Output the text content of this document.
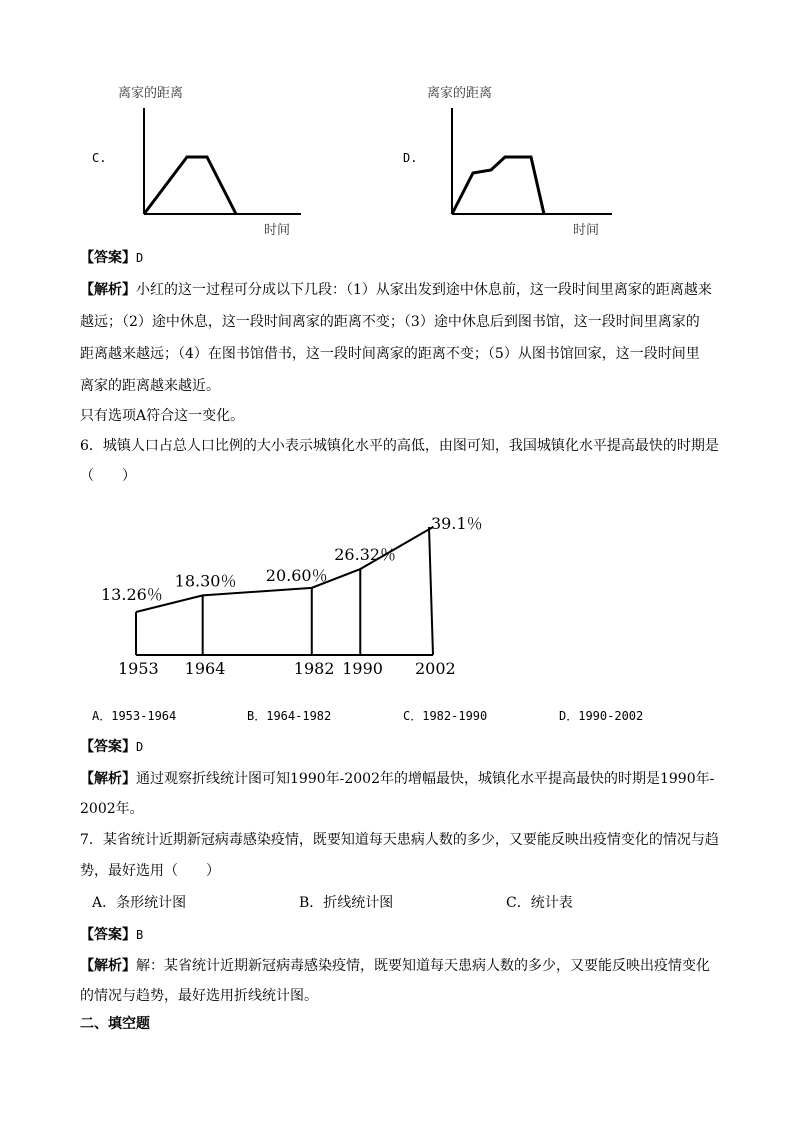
C.
离家的距离
时间
D.
离家的距离
时间
【答案】D
【解析】小红的这一过程可分成以下几段：（1）从家出发到途中休息前，这一段时间里离家的距离越来
越远；（2）途中休息，这一段时间离家的距离不变；（3）途中休息后到图书馆，这一段时间里离家的
距离越来越远；（4）在图书馆借书，这一段时间离家的距离不变；（5）从图书馆回家，这一段时间里
离家的距离越来越近。
只有选项A符合这一变化。
6．城镇人口占总人口比例的大小表示城镇化水平的高低，由图可知，我国城镇化水平提高最快的时期是
（　　）
13.26％
18.30％ 20.60％
26.32％
39.1％
1953 1964	1982 1990 2002
A．1953-1964	B．1964-1982	C．1982-1990	D．1990-2002
【答案】D
【解析】通过观察折线统计图可知1990年-2002年的增幅最快，城镇化水平提高最快的时期是1990年-
2002年。
7．某省统计近期新冠病毒感染疫情，既要知道每天患病人数的多少，又要能反映出疫情变化的情况与趋
势，最好选用（　　）
A．条形统计图	B．折线统计图	C．统计表
【答案】B
【解析】解：某省统计近期新冠病毒感染疫情，既要知道每天患病人数的多少，又要能反映出疫情变化
的情况与趋势，最好选用折线统计图。
二、填空题
